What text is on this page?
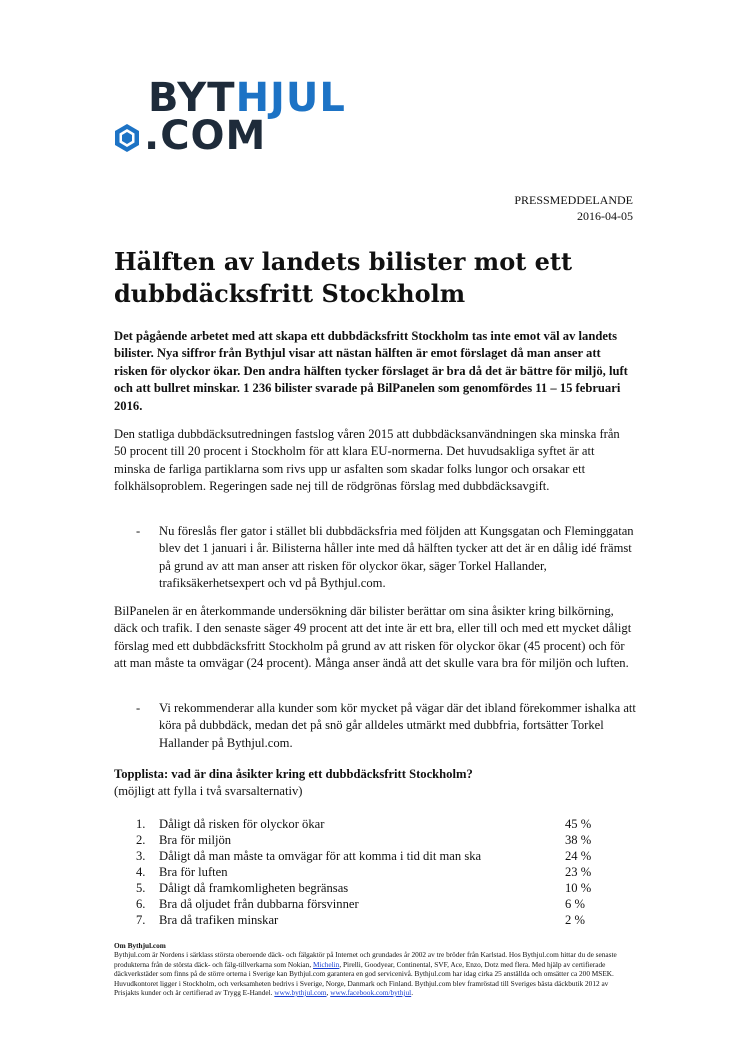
BYTHJUL
.COM
PRESSMEDDELANDE
2016-04-05
Hälften av landets bilister mot ett dubbdäcksfritt Stockholm

Det pågående arbetet med att skapa ett dubbdäcksfritt Stockholm tas inte emot väl av landets bilister. Nya siffror från Bythjul visar att nästan hälften är emot förslaget då man anser att risken för olyckor ökar. Den andra hälften tycker förslaget är bra då det är bättre för miljö, luft och att bullret minskar. 1 236 bilister svarade på BilPanelen som genomfördes 11 – 15 februari 2016.

Den statliga dubbdäcksutredningen fastslog våren 2015 att dubbdäcksanvändningen ska minska från 50 procent till 20 procent i Stockholm för att klara EU-normerna. Det huvudsakliga syftet är att minska de farliga partiklarna som rivs upp ur asfalten som skadar folks lungor och orsakar ett folkhälsoproblem. Regeringen sade nej till de rödgrönas förslag med dubbdäcksavgift.

- Nu föreslås fler gator i stället bli dubbdäcksfria med följden att Kungsgatan och Fleminggatan blev det 1 januari i år. Bilisterna håller inte med då hälften tycker att det är en dålig idé främst på grund av att man anser att risken för olyckor ökar, säger Torkel Hallander, trafiksäkerhetsexpert och vd på Bythjul.com.

BilPanelen är en återkommande undersökning där bilister berättar om sina åsikter kring bilkörning, däck och trafik. I den senaste säger 49 procent att det inte är ett bra, eller till och med ett mycket dåligt förslag med ett dubbdäcksfritt Stockholm på grund av att risken för olyckor ökar (45 procent) och för att man måste ta omvägar (24 procent). Många anser ändå att det skulle vara bra för miljön och luften.

- Vi rekommenderar alla kunder som kör mycket på vägar där det ibland förekommer ishalka att köra på dubbdäck, medan det på snö går alldeles utmärkt med dubbfria, fortsätter Torkel Hallander på Bythjul.com.
Topplista: vad är dina åsikter kring ett dubbdäcksfritt Stockholm?
(möjligt att fylla i två svarsalternativ)
1. Dåligt då risken för olyckor ökar	45 %
2. Bra för miljön	38 %
3. Dåligt då man måste ta omvägar för att komma i tid dit man ska	24 %
4. Bra för luften	23 %
5. Dåligt då framkomligheten begränsas	10 %
6. Bra då oljudet från dubbarna försvinner	6 %
7. Bra då trafiken minskar	2 %
Om Bythjul.com
Bythjul.com är Nordens i särklass största oberoende däck- och fälgaktör på Internet och grundades år 2002 av tre bröder från Karlstad. Hos Bythjul.com hittar du de senaste produkterna från de största däck- och fälg-tillverkarna som Nokian, Michelin, Pirelli, Goodyear, Continental, SVF, Ace, Enzo, Dotz med flera. Med hjälp av certifierade däckverkstäder som finns på de större orterna i Sverige kan Bythjul.com garantera en god servicenivå. Bythjul.com har idag cirka 25 anställda och omsätter ca 200 MSEK. Huvudkontoret ligger i Stockholm, och verksamheten bedrivs i Sverige, Norge, Danmark och Finland. Bythjul.com blev framröstad till Sveriges bästa däckbutik 2012 av Prisjakts kunder och är certifierad av Trygg E-Handel. www.bythjul.com, www.facebook.com/bythjul.
